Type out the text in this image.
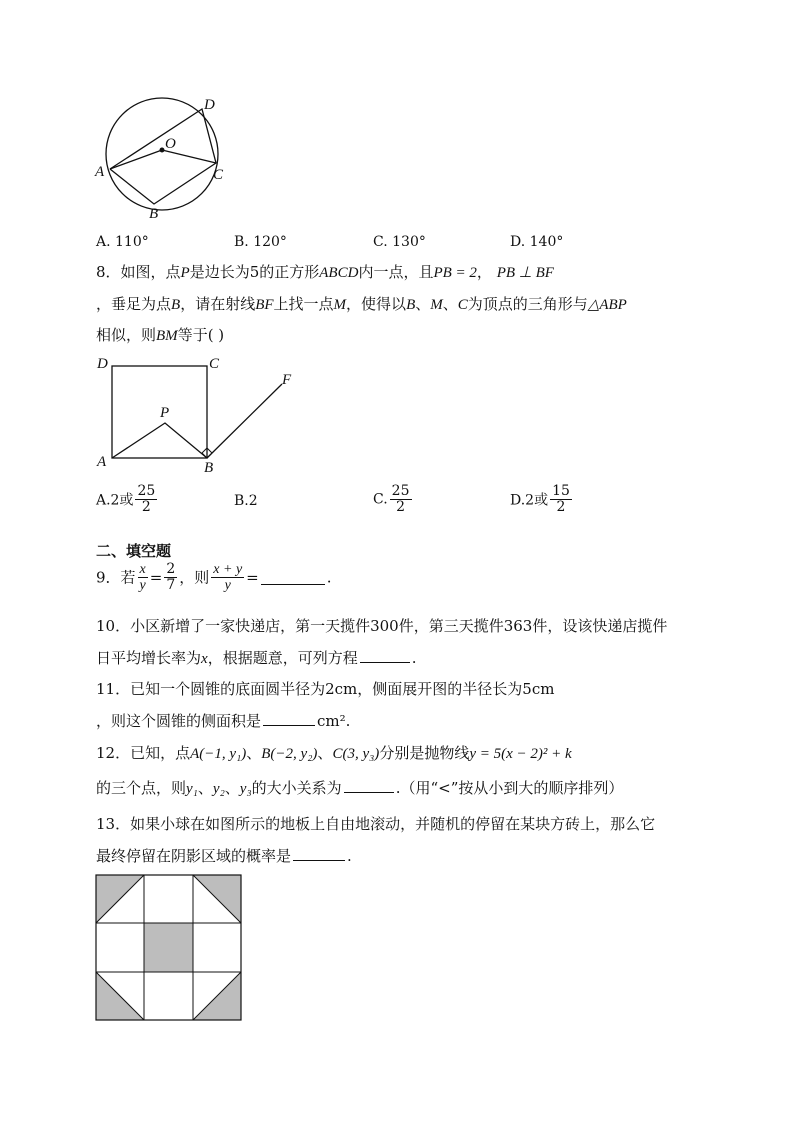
D
O
A	C
B
A. 110°	B. 120°	C. 130°	D. 140°
8．如图，点P是边长为5的正方形ABCD内一点，且PB = 2， PB ⊥ BF
，垂足为点B，请在射线BF上找一点M，使得以B、M、C为顶点的三角形与△ABP
相似，则BM等于( )
D	C
F
P
A	B
A.2或 $\frac{25}{2}$	B.2	C. $\frac{25}{2}$	D.2或 $\frac{15}{2}$
二、填空题
9．若 $\frac{x}{y} = \frac{2}{7}$ ，则 $\frac{x + y}{y}$ =	.
10．小区新增了一家快递店，第一天揽件300件，第三天揽件363件，设该快递店揽件
日平均增长率为x，根据题意，可列方程	.
11．已知一个圆锥的底面圆半径为2cm，侧面展开图的半径长为5cm
，则这个圆锥的侧面积是	cm².
12．已知，点A(−1, y₁)、B(−2, y₂)、C(3, y₃)分别是抛物线y = 5(x − 2)² + k
的三个点，则y₁、y₂、y₃的大小关系为	.（用“<”按从小到大的顺序排列）
13．如果小球在如图所示的地板上自由地滚动，并随机的停留在某块方砖上，那么它
最终停留在阴影区域的概率是	.
